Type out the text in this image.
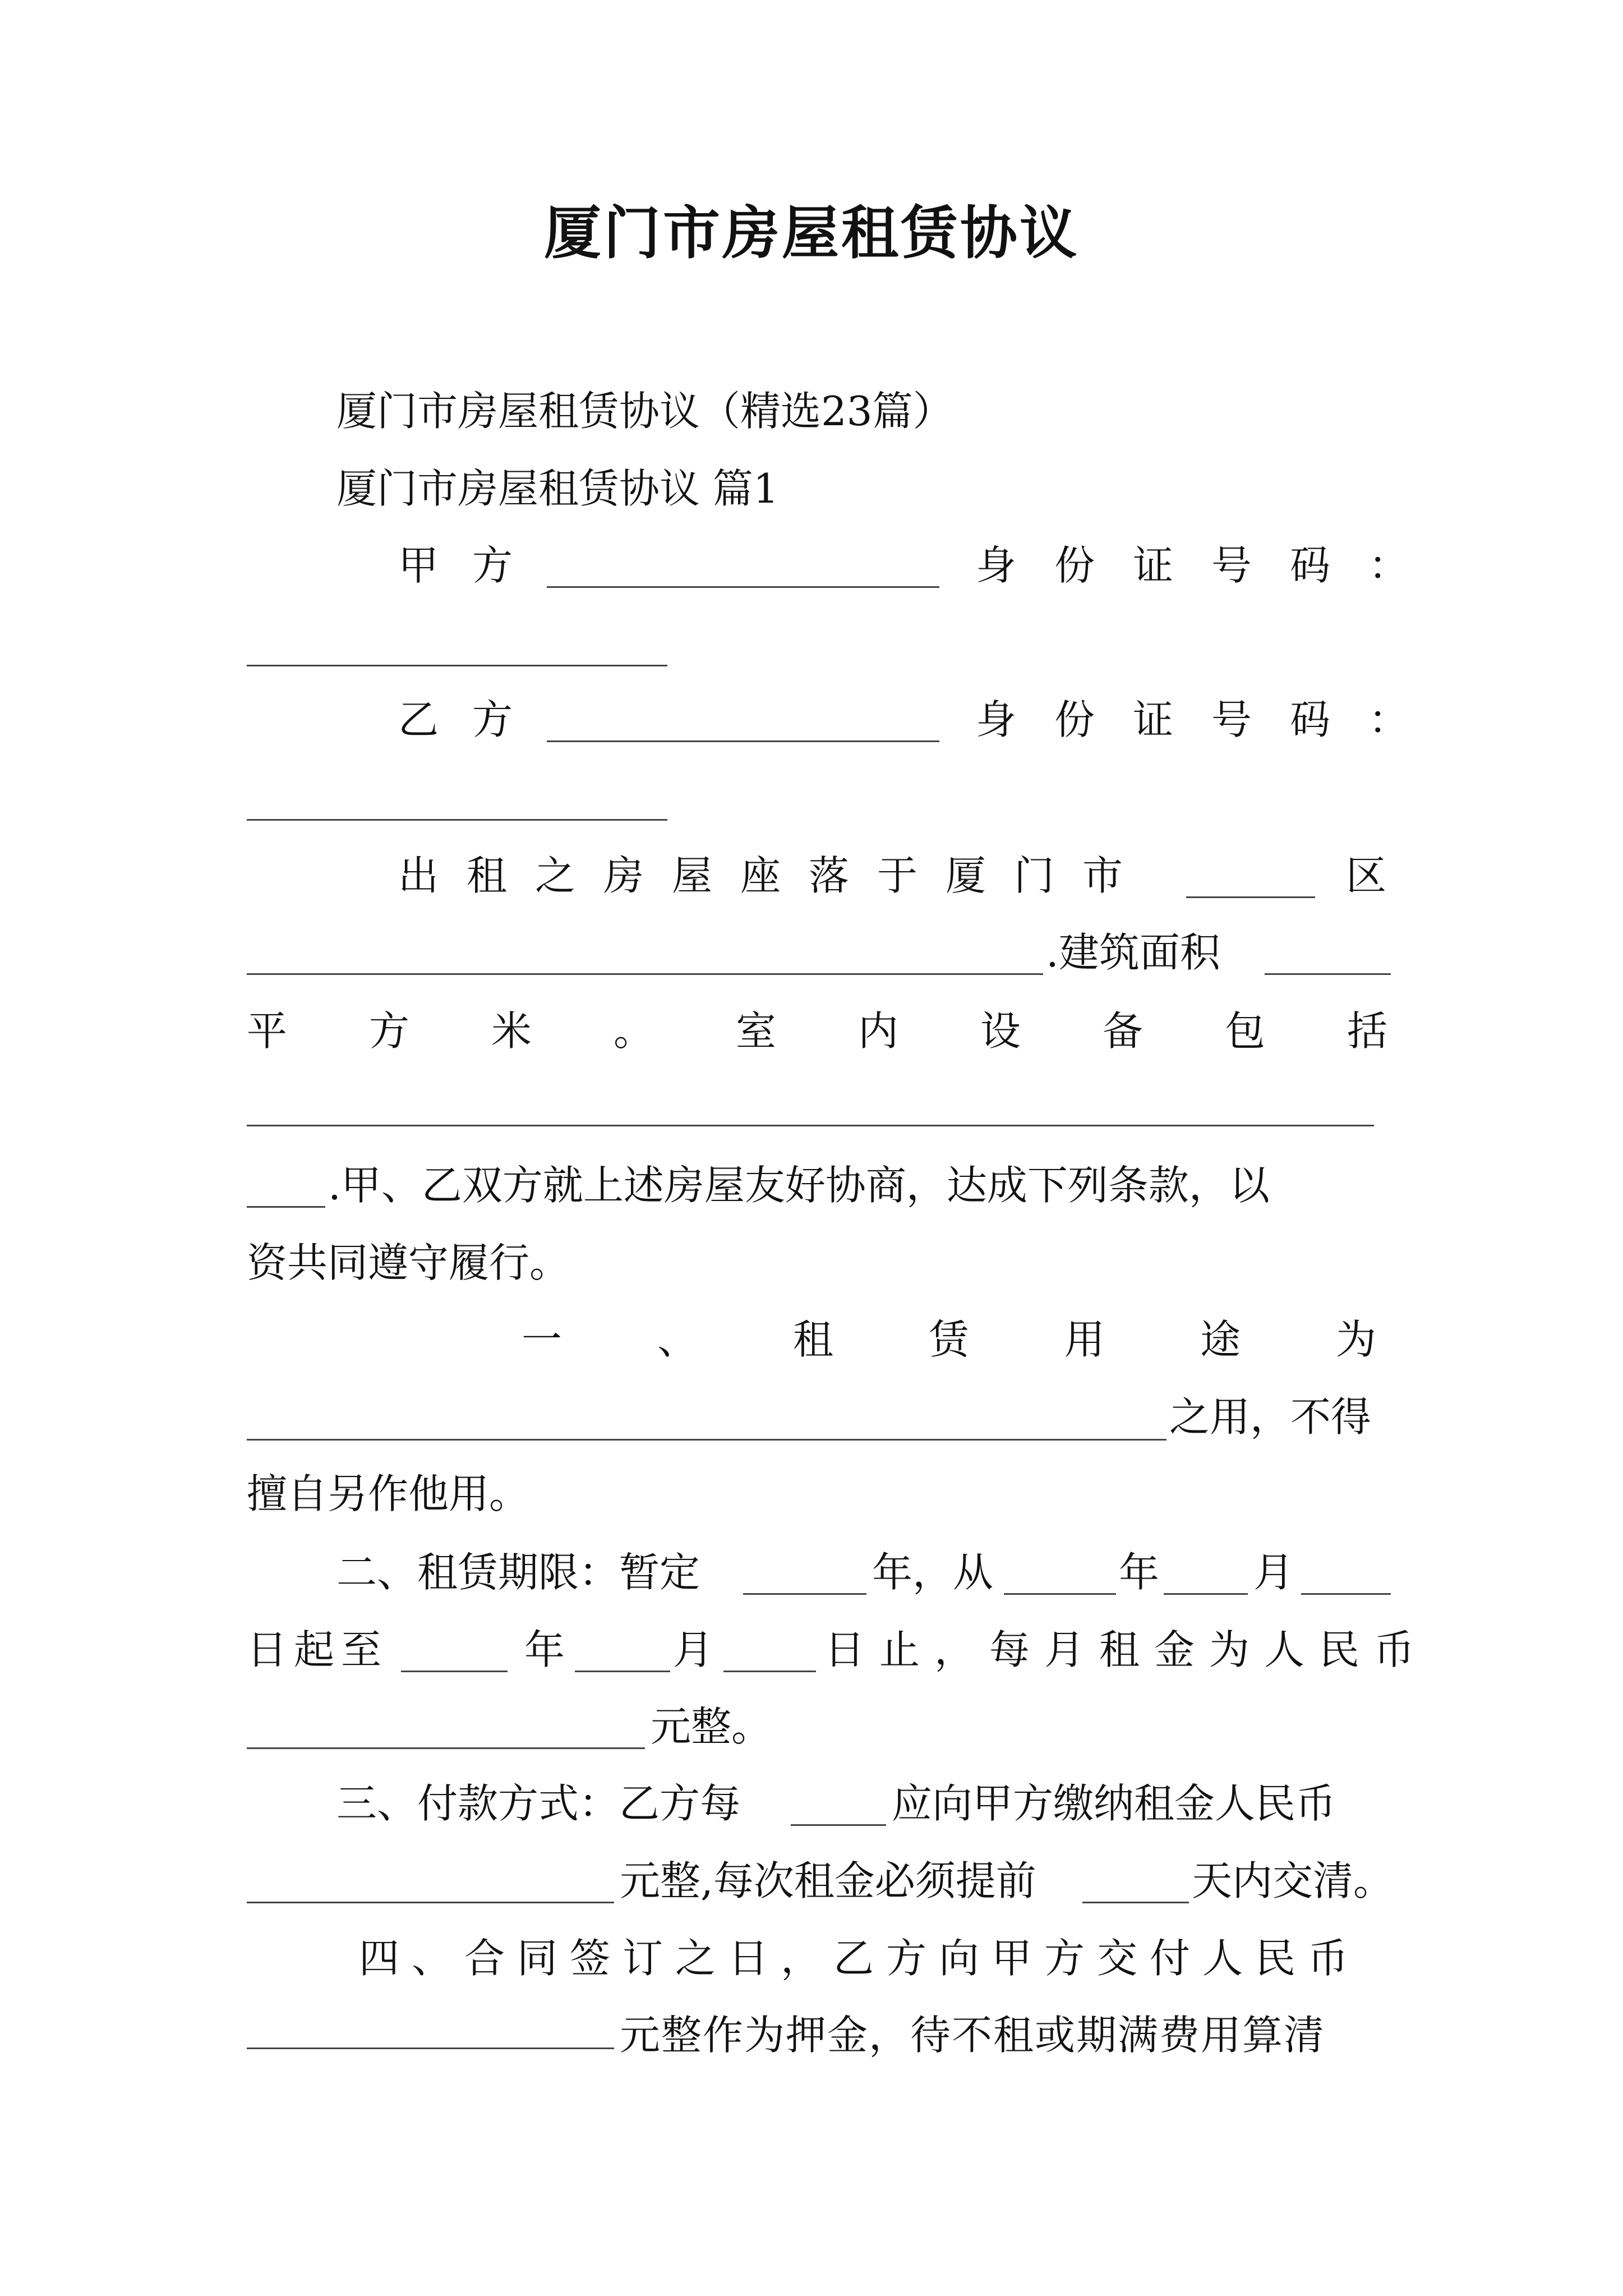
厦门市房屋租赁协议
厦门市房屋租赁协议（精选23篇）
厦门市房屋租赁协议 篇1
甲方	身份证号码：
乙方	身份证号码：
出租之房屋座落于厦门市	区
.建筑面积
平方米。室内设备包括
.甲、乙双方就上述房屋友好协商，达成下列条款，以
资共同遵守履行。
一、租赁用途为
之用，不得
擅自另作他用。
二、租赁期限：暂定	年，从	年 月
日起至	年	月	日止，每月租金为人民币
元整。
三、付款方式：乙方每	应向甲方缴纳租金人民币
元整,每次租金必须提前	天内交清。
四、合同签订之日，乙方向甲方交付人民币
元整作为押金，待不租或期满费用算清
